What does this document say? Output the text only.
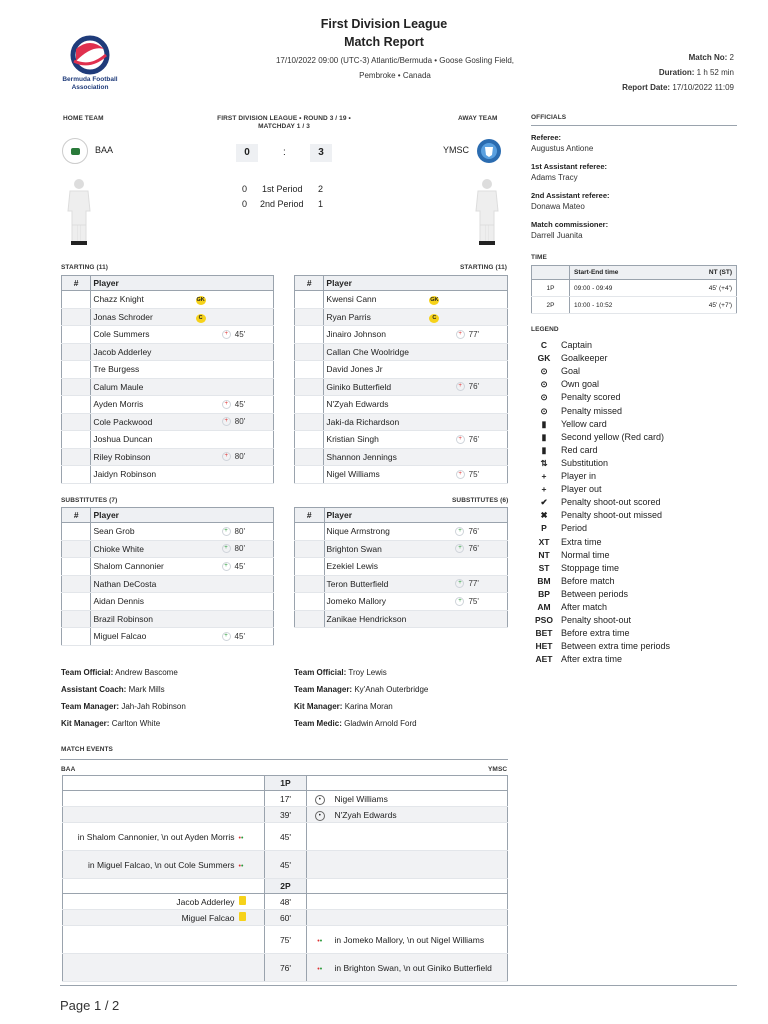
First Division League
Match Report
Bermuda Football
Association
17/10/2022 09:00 (UTC-3) Atlantic/Bermuda • Goose Gosling Field,
Pembroke • Canada
Match No: 2
Duration: 1 h 52 min
Report Date: 17/10/2022 11:09
HOME TEAM	FIRST DIVISION LEAGUE • ROUND 3 / 19 •
MATCHDAY 1 / 3
AWAY TEAM
BAA	0	:	3	YMSC
0 1st Period 2
0 2nd Period 1
STARTING (11)	STARTING (11)
#	Player		
	Chazz Knight	GK	
	Jonas Schroder	C	
	Cole Summers		+ 45'
	Jacob Adderley		
	Tre Burgess		
	Calum Maule		
	Ayden Morris		+ 45'
	Cole Packwood		+ 80'
	Joshua Duncan		
	Riley Robinson		+ 80'
	Jaidyn Robinson		
#	Player		
	Kwensi Cann	GK	
	Ryan Parris	C	
	Jinairo Johnson		+ 77'
	Callan Che Woolridge		
	David Jones Jr		
	Giniko Butterfield		+ 76'
	N'Zyah Edwards		
	Jaki-da Richardson		
	Kristian Singh		+ 76'
	Shannon Jennings		
	Nigel Williams		+ 75'
SUBSTITUTES (7)	SUBSTITUTES (6)
#	Player		
	Sean Grob		+ 80'
	Chioke White		+ 80'
	Shalom Cannonier		+ 45'
	Nathan DeCosta		
	Aidan Dennis		
	Brazil Robinson		
	Miguel Falcao		+ 45'
#	Player		
	Nique Armstrong		+ 76'
	Brighton Swan		+ 76'
	Ezekiel Lewis		
	Teron Butterfield		+ 77'
	Jomeko Mallory		+ 75'
	Zanikae Hendrickson		
Team Official: Andrew Bascome
Assistant Coach: Mark Mills
Team Manager: Jah-Jah Robinson
Kit Manager: Carlton White
Team Official: Troy Lewis
Team Manager: Ky'Anah Outerbridge
Kit Manager: Karina Moran
Team Medic: Gladwin Arnold Ford
OFFICIALS
Referee:
Augustus Antione
1st Assistant referee:
Adams Tracy
2nd Assistant referee:
Donawa Mateo
Match commissioner:
Darrell Juanita
TIME
	Start-End time	NT (ST)
1P	09:00 - 09:49	45' (+4')
2P	10:00 - 10:52	45' (+7')
LEGEND
C Captain
GK Goalkeeper
⊙ Goal
⊙ Own goal
⊙ Penalty scored
⊙ Penalty missed
▮ Yellow card
▮ Second yellow (Red card)
▮ Red card
⇅ Substitution
+ Player in
+ Player out
✔ Penalty shoot-out scored
✖ Penalty shoot-out missed
P Period
XT Extra time
NT Normal time
ST Stoppage time
BM Before match
BP Between periods
AM After match
PSO Penalty shoot-out
BET Before extra time
HET Between extra time periods
AET After extra time
MATCH EVENTS
BAA	YMSC
		1P		
		17'	•	Nigel Williams
		39'	•	N'Zyah Edwards
in Shalom Cannonier, \n out Ayden Morris	••	45'		
in Miguel Falcao, \n out Cole Summers	••	45'		
		2P		
Jacob Adderley		48'		
Miguel Falcao		60'		
		75'	••	in Jomeko Mallory, \n out Nigel Williams
		76'	••	in Brighton Swan, \n out Giniko Butterfield
Page 1 / 2
